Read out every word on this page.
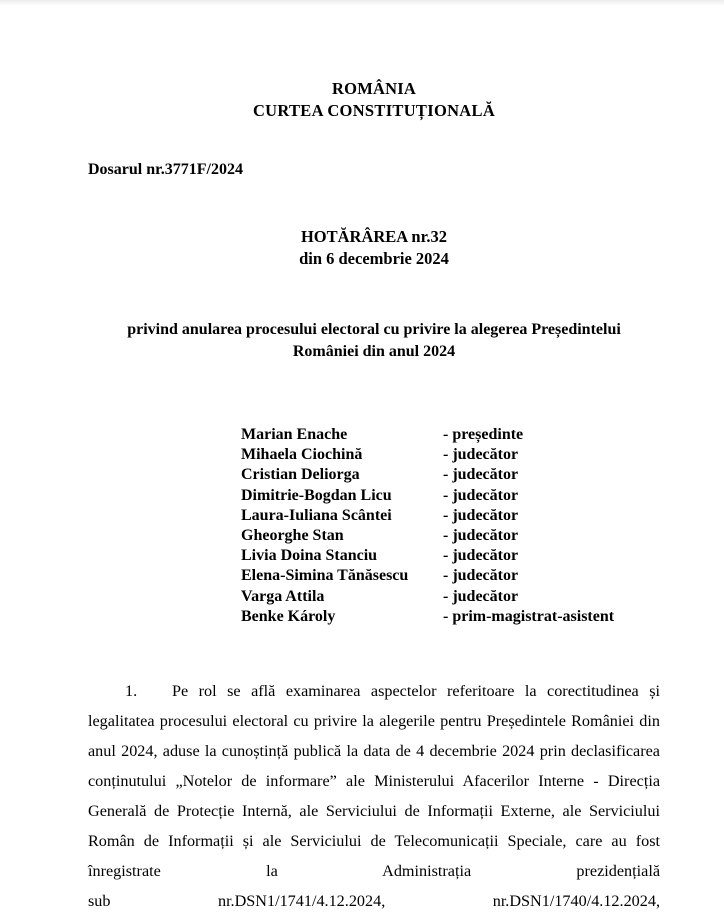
ROMÂNIA
CURTEA CONSTITUȚIONALĂ
Dosarul nr.3771F/2024
HOTĂRÂREA nr.32
din 6 decembrie 2024
privind anularea procesului electoral cu privire la alegerea Președintelui României din anul 2024
Marian Enache	- președinte
Mihaela Ciochină	- judecător
Cristian Deliorga	- judecător
Dimitrie-Bogdan Licu	- judecător
Laura-Iuliana Scântei	- judecător
Gheorghe Stan	- judecător
Livia Doina Stanciu	- judecător
Elena-Simina Tănăsescu	- judecător
Varga Attila	- judecător
Benke Károly	- prim-magistrat-asistent
1. Pe rol se află examinarea aspectelor referitoare la corectitudinea și legalitatea procesului electoral cu privire la alegerile pentru Președintele României din anul 2024, aduse la cunoștință publică la data de 4 decembrie 2024 prin declasificarea conținutului „Notelor de informare” ale Ministerului Afacerilor Interne - Direcția Generală de Protecție Internă, ale Serviciului de Informații Externe, ale Serviciului Român de Informații și ale Serviciului de Telecomunicații Speciale, care au fost înregistrate la Administrația prezidențială
sub	nr.DSN1/1741/4.12.2024,	nr.DSN1/1740/4.12.2024,
